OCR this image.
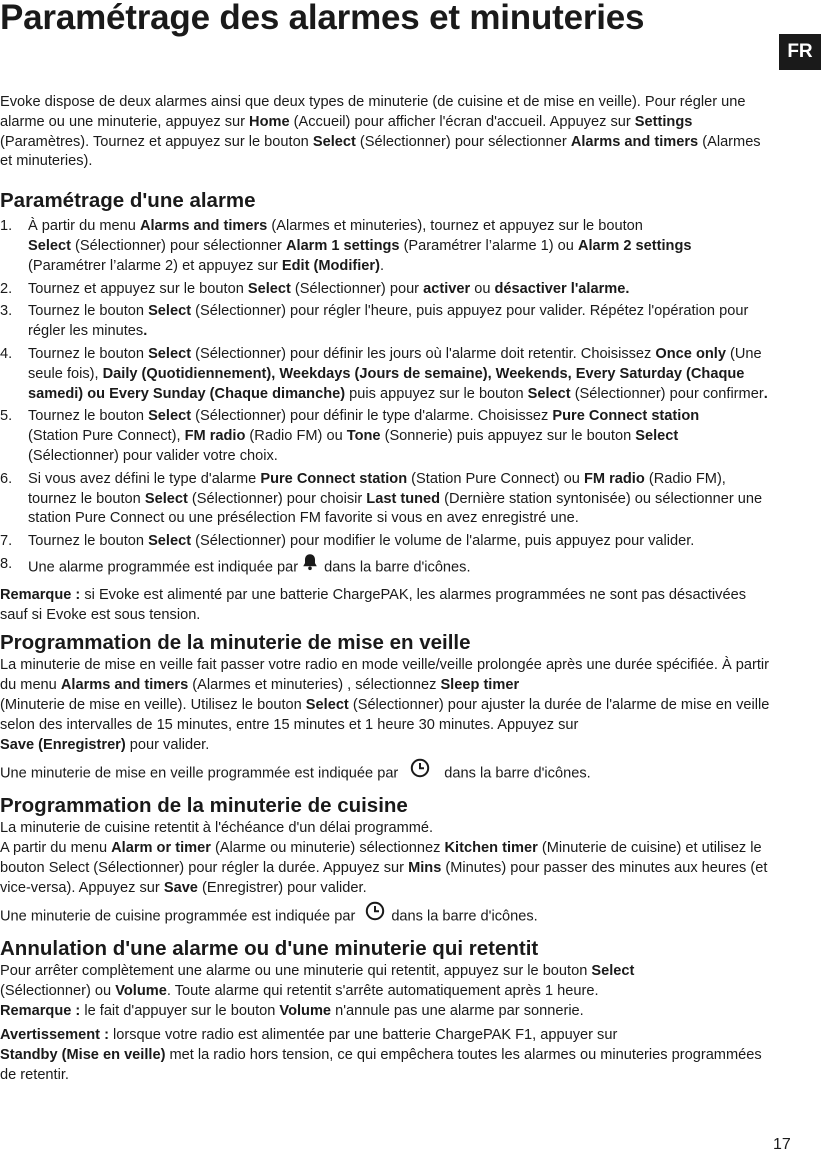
Paramétrage des alarmes et minuteries
FR

Evoke dispose de deux alarmes ainsi que deux types de minuterie (de cuisine et de mise en veille). Pour régler une alarme ou une minuterie, appuyez sur Home (Accueil) pour afficher l'écran d'accueil. Appuyez sur Settings (Paramètres). Tournez et appuyez sur le bouton Select (Sélectionner) pour sélectionner Alarms and timers (Alarmes et minuteries).

Paramétrage d'une alarme
1. À partir du menu Alarms and timers (Alarmes et minuteries), tournez et appuyez sur le bouton
Select (Sélectionner) pour sélectionner Alarm 1 settings (Paramétrer l’alarme 1) ou Alarm 2 settings
(Paramétrer l’alarme 2) et appuyez sur Edit (Modifier).
2. Tournez et appuyez sur le bouton Select (Sélectionner) pour activer ou désactiver l'alarme.
3. Tournez le bouton Select (Sélectionner) pour régler l'heure, puis appuyez pour valider. Répétez l'opération pour régler les minutes.
4. Tournez le bouton Select (Sélectionner) pour définir les jours où l'alarme doit retentir. Choisissez Once only (Une seule fois), Daily (Quotidiennement), Weekdays (Jours de semaine), Weekends, Every Saturday (Chaque samedi) ou Every Sunday (Chaque dimanche) puis appuyez sur le bouton Select (Sélectionner) pour confirmer.
5. Tournez le bouton Select (Sélectionner) pour définir le type d'alarme. Choisissez Pure Connect station
(Station Pure Connect), FM radio (Radio FM) ou Tone (Sonnerie) puis appuyez sur le bouton Select
(Sélectionner) pour valider votre choix.
6. Si vous avez défini le type d'alarme Pure Connect station (Station Pure Connect) ou FM radio (Radio FM), tournez le bouton Select (Sélectionner) pour choisir Last tuned (Dernière station syntonisée) ou sélectionner une station Pure Connect ou une présélection FM favorite si vous en avez enregistré une.
7. Tournez le bouton Select (Sélectionner) pour modifier le volume de l'alarme, puis appuyez pour valider.
8. Une alarme programmée est indiquée par dans la barre d'icônes.

Remarque : si Evoke est alimenté par une batterie ChargePAK, les alarmes programmées ne sont pas désactivées sauf si Evoke est sous tension.

Programmation de la minuterie de mise en veille

La minuterie de mise en veille fait passer votre radio en mode veille/veille prolongée après une durée spécifiée. À partir du menu Alarms and timers (Alarmes et minuteries) , sélectionnez Sleep timer
(Minuterie de mise en veille). Utilisez le bouton Select (Sélectionner) pour ajuster la durée de l'alarme de mise en veille selon des intervalles de 15 minutes, entre 15 minutes et 1 heure 30 minutes. Appuyez sur
Save (Enregistrer) pour valider.

Une minuterie de mise en veille programmée est indiquée par	dans la barre d'icônes.

Programmation de la minuterie de cuisine

La minuterie de cuisine retentit à l'échéance d'un délai programmé.
A partir du menu Alarm or timer (Alarme ou minuterie) sélectionnez Kitchen timer (Minuterie de cuisine) et utilisez le bouton Select (Sélectionner) pour régler la durée. Appuyez sur Mins (Minutes) pour passer des minutes aux heures (et vice-versa). Appuyez sur Save (Enregistrer) pour valider.

Une minuterie de cuisine programmée est indiquée par dans la barre d'icônes.

Annulation d'une alarme ou d'une minuterie qui retentit

Pour arrêter complètement une alarme ou une minuterie qui retentit, appuyez sur le bouton Select
(Sélectionner) ou Volume. Toute alarme qui retentit s'arrête automatiquement après 1 heure.
Remarque : le fait d'appuyer sur le bouton Volume n'annule pas une alarme par sonnerie.

Avertissement : lorsque votre radio est alimentée par une batterie ChargePAK F1, appuyer sur
Standby (Mise en veille) met la radio hors tension, ce qui empêchera toutes les alarmes ou minuteries programmées de retentir.

17
